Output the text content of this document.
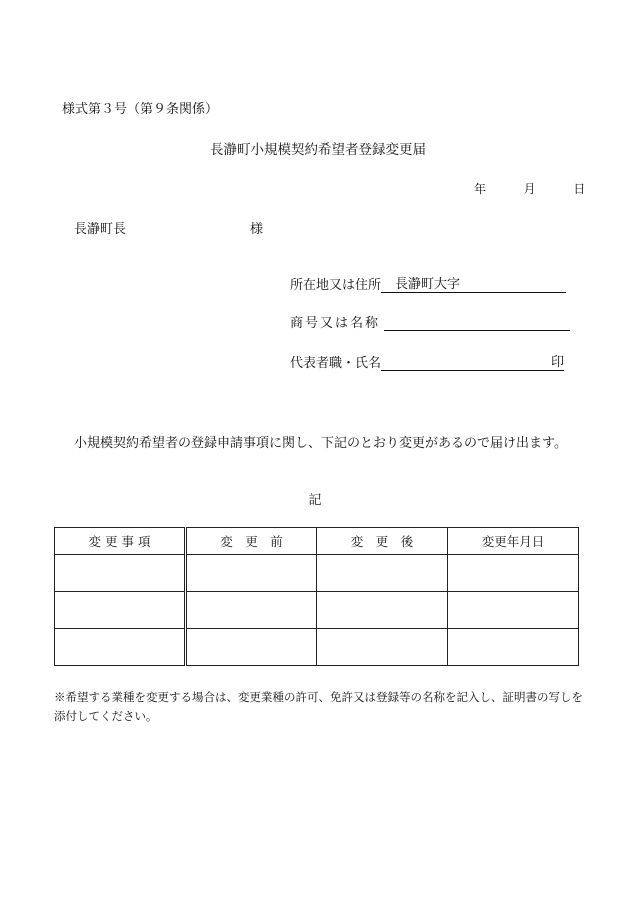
様式第３号（第９条関係）
長瀞町小規模契約希望者登録変更届
年	月	日
長瀞町長	様
所在地又は住所 長瀞町大字
商号又は名称
代表者職・氏名	印
小規模契約希望者の登録申請事項に関し、下記のとおり変更があるので届け出ます。
記
変 更 事 項	変　更　前	変　更　後	変更年月日

※希望する業種を変更する場合は、変更業種の許可、免許又は登録等の名称を記入し、証明書の写しを添付してください。
